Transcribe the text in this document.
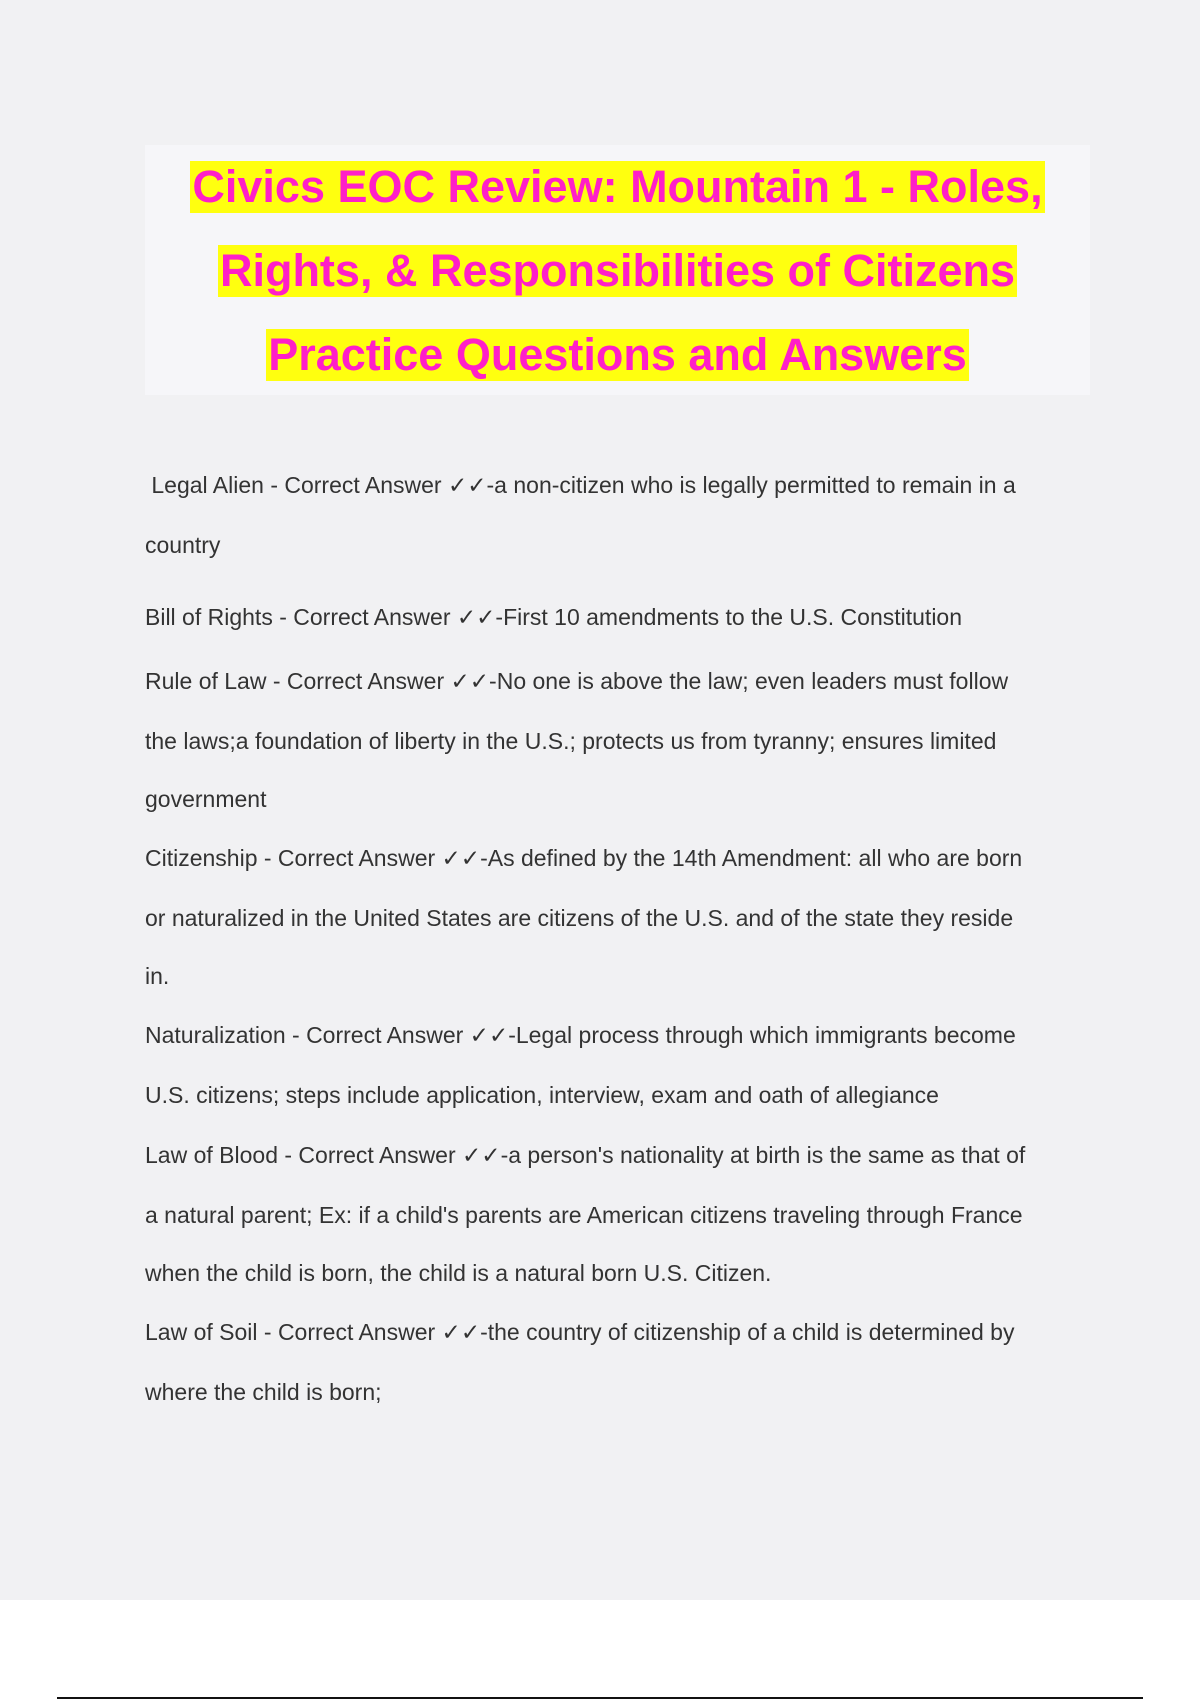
Civics EOC Review: Mountain 1 - Roles,
Rights, & Responsibilities of Citizens
Practice Questions and Answers
Legal Alien - Correct Answer ✓✓-a non-citizen who is legally permitted to remain in a
country
Bill of Rights - Correct Answer ✓✓-First 10 amendments to the U.S. Constitution
Rule of Law - Correct Answer ✓✓-No one is above the law; even leaders must follow
the laws;a foundation of liberty in the U.S.; protects us from tyranny; ensures limited
government
Citizenship - Correct Answer ✓✓-As defined by the 14th Amendment: all who are born
or naturalized in the United States are citizens of the U.S. and of the state they reside
in.
Naturalization - Correct Answer ✓✓-Legal process through which immigrants become
U.S. citizens; steps include application, interview, exam and oath of allegiance
Law of Blood - Correct Answer ✓✓-a person's nationality at birth is the same as that of
a natural parent; Ex: if a child's parents are American citizens traveling through France
when the child is born, the child is a natural born U.S. Citizen.
Law of Soil - Correct Answer ✓✓-the country of citizenship of a child is determined by
where the child is born;
